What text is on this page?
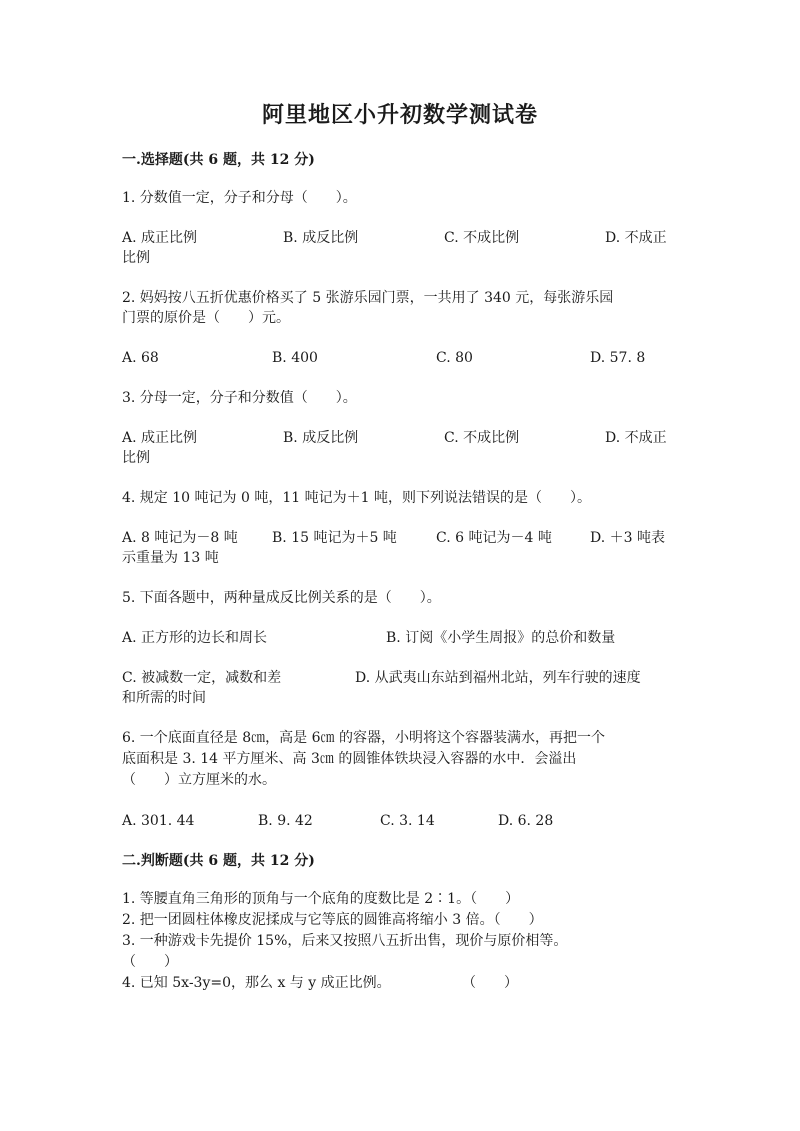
阿里地区小升初数学测试卷
一.选择题(共 6 题，共 12 分)
1. 分数值一定，分子和分母（　　）。
A. 成正比例	B. 成反比例	C. 不成比例	D. 不成正
比例
2. 妈妈按八五折优惠价格买了 5 张游乐园门票，一共用了 340 元，每张游乐园
门票的原价是（　　）元。
A. 68	B. 400	C. 80	D. 57. 8
3. 分母一定，分子和分数值（　　）。
A. 成正比例	B. 成反比例	C. 不成比例	D. 不成正
比例
4. 规定 10 吨记为 0 吨，11 吨记为＋1 吨，则下列说法错误的是（　　）。
A. 8 吨记为－8 吨 B. 15 吨记为＋5 吨	C. 6 吨记为－4 吨	D. ＋3 吨表
示重量为 13 吨
5. 下面各题中，两种量成反比例关系的是（　　）。
A. 正方形的边长和周长	B. 订阅《小学生周报》的总价和数量
C. 被减数一定，减数和差	D. 从武夷山东站到福州北站，列车行驶的速度
和所需的时间
6. 一个底面直径是 8㎝，高是 6㎝ 的容器，小明将这个容器装满水，再把一个
底面积是 3. 14 平方厘米、高 3㎝ 的圆锥体铁块浸入容器的水中．会溢出
（　　）立方厘米的水。
A. 301. 44	B. 9. 42	C. 3. 14	D. 6. 28
二.判断题(共 6 题，共 12 分)
1. 等腰直角三角形的顶角与一个底角的度数比是 2∶1。（　　）
2. 把一团圆柱体橡皮泥揉成与它等底的圆锥高将缩小 3 倍。（　　）
3. 一种游戏卡先提价 15%，后来又按照八五折出售，现价与原价相等。
（　　）
4. 已知 5x-3y=0，那么 x 与 y 成正比例。	（　　）
